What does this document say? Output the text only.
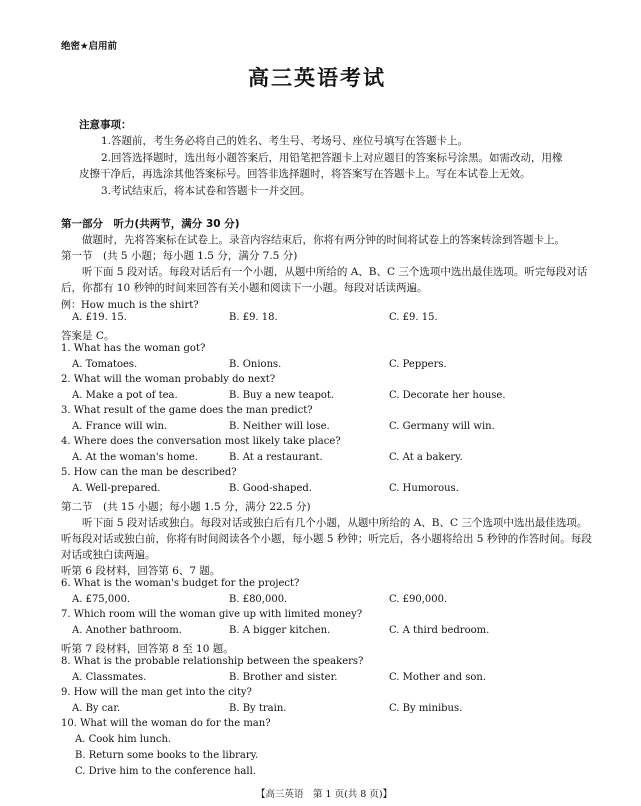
绝密★启用前
高三英语考试
注意事项：
1.答题前，考生务必将自己的姓名、考生号、考场号、座位号填写在答题卡上。
2.回答选择题时，选出每小题答案后，用铅笔把答题卡上对应题目的答案标号涂黑。如需改动，用橡
皮擦干净后，再选涂其他答案标号。回答非选择题时，将答案写在答题卡上。写在本试卷上无效。
3.考试结束后，将本试卷和答题卡一并交回。
第一部分　听力(共两节，满分 30 分)
做题时，先将答案标在试卷上。录音内容结束后，你将有两分钟的时间将试卷上的答案转涂到答题卡上。
第一节　(共 5 小题；每小题 1.5 分，满分 7.5 分)
听下面 5 段对话。每段对话后有一个小题，从题中所给的 A、B、C 三个选项中选出最佳选项。听完每段对话
后，你都有 10 秒钟的时间来回答有关小题和阅读下一小题。每段对话读两遍。
例：How much is the shirt?
A. £19. 15.	B. £9. 18.	C. £9. 15.
答案是 C。
1. What has the woman got?
A. Tomatoes.	B. Onions.	C. Peppers.
2. What will the woman probably do next?
A. Make a pot of tea.	B. Buy a new teapot.	C. Decorate her house.
3. What result of the game does the man predict?
A. France will win.	B. Neither will lose.	C. Germany will win.
4. Where does the conversation most likely take place?
A. At the woman's home.	B. At a restaurant.	C. At a bakery.
5. How can the man be described?
A. Well-prepared.	B. Good-shaped.	C. Humorous.
第二节　(共 15 小题；每小题 1.5 分，满分 22.5 分)
听下面 5 段对话或独白。每段对话或独白后有几个小题，从题中所给的 A、B、C 三个选项中选出最佳选项。
听每段对话或独白前，你将有时间阅读各个小题，每小题 5 秒钟；听完后，各小题将给出 5 秒钟的作答时间。每段
对话或独白读两遍。
听第 6 段材料，回答第 6、7 题。
6. What is the woman's budget for the project?
A. £75,000.	B. £80,000.	C. £90,000.
7. Which room will the woman give up with limited money?
A. Another bathroom.	B. A bigger kitchen.	C. A third bedroom.
听第 7 段材料，回答第 8 至 10 题。
8. What is the probable relationship between the speakers?
A. Classmates.	B. Brother and sister.	C. Mother and son.
9. How will the man get into the city?
A. By car.	B. By train.	C. By minibus.
10. What will the woman do for the man?
A. Cook him lunch.
B. Return some books to the library.
C. Drive him to the conference hall.
【高三英语　第 1 页(共 8 页)】
